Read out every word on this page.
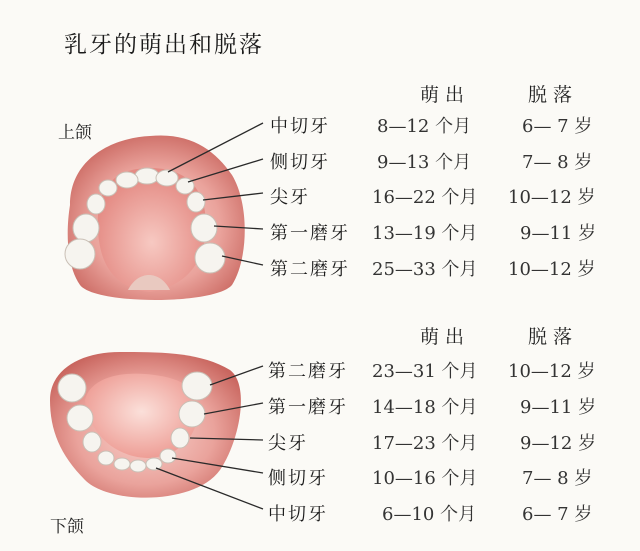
乳牙的萌出和脱落
上颌
下颌
萌出	脱落
中切牙	8—12 个月	6— 7 岁
侧切牙	9—13 个月	7— 8 岁
尖牙	16—22 个月 10—12 岁
第一磨牙 13—19 个月 9—11 岁
第二磨牙 25—33 个月 10—12 岁
萌出	脱落
第二磨牙 23—31 个月 10—12 岁
第一磨牙 14—18 个月 9—11 岁
尖牙	17—23 个月 9—12 岁
侧切牙 10—16 个月 7— 8 岁
中切牙	6—10 个月	6— 7 岁
